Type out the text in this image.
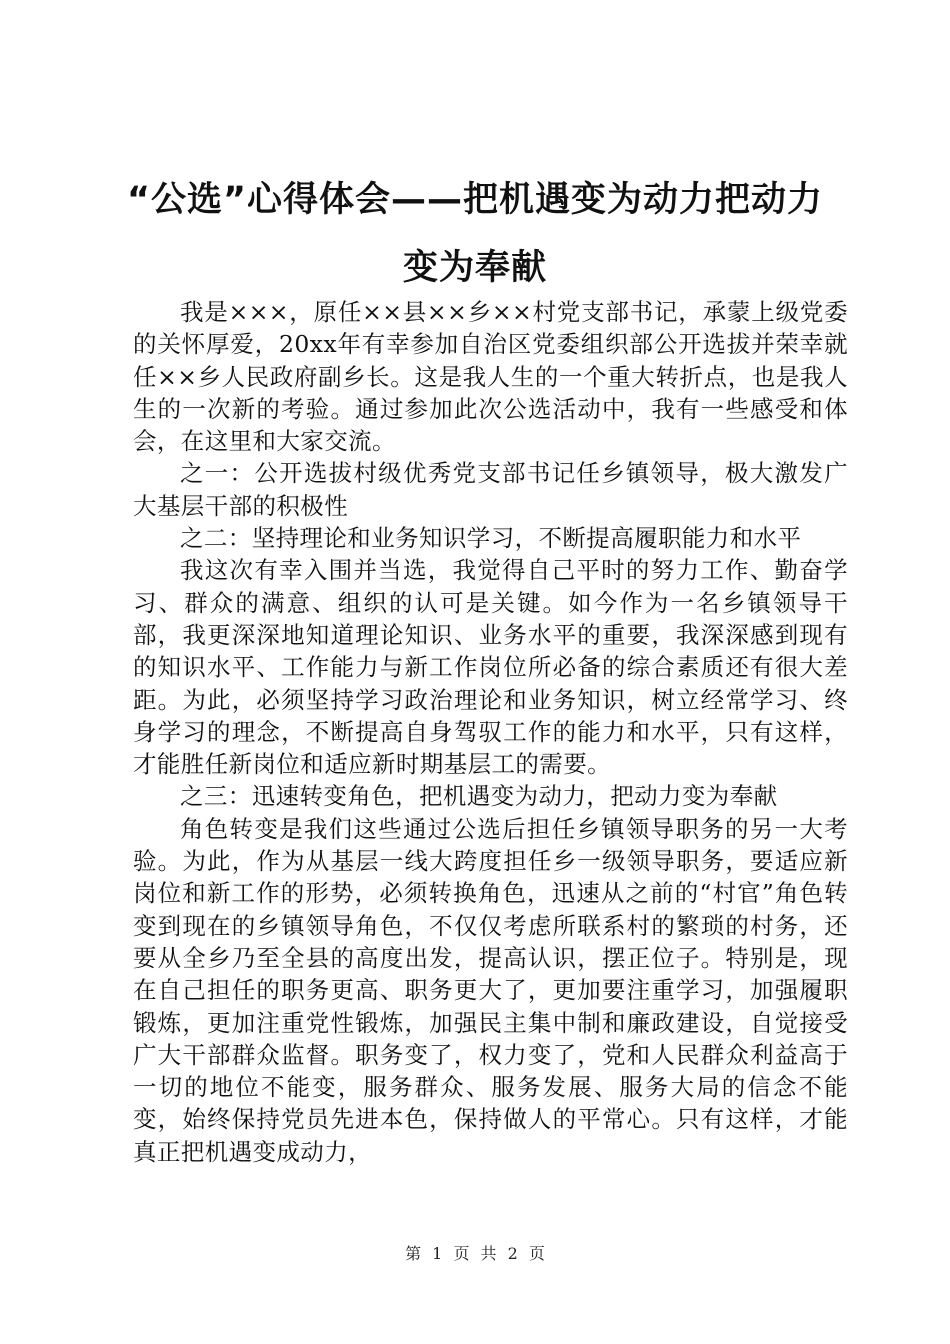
“公选”心得体会——把机遇变为动力把动力变为奉献

我是×××，原任××县××乡××村党支部书记，承蒙上级党委的关怀厚爱，20xx年有幸参加自治区党委组织部公开选拔并荣幸就任××乡人民政府副乡长。这是我人生的一个重大转折点，也是我人生的一次新的考验。通过参加此次公选活动中，我有一些感受和体会，在这里和大家交流。

之一：公开选拔村级优秀党支部书记任乡镇领导，极大激发广大基层干部的积极性

之二：坚持理论和业务知识学习，不断提高履职能力和水平

我这次有幸入围并当选，我觉得自己平时的努力工作、勤奋学习、群众的满意、组织的认可是关键。如今作为一名乡镇领导干部，我更深深地知道理论知识、业务水平的重要，我深深感到现有的知识水平、工作能力与新工作岗位所必备的综合素质还有很大差距。为此，必须坚持学习政治理论和业务知识，树立经常学习、终身学习的理念，不断提高自身驾驭工作的能力和水平，只有这样，才能胜任新岗位和适应新时期基层工的需要。

之三：迅速转变角色，把机遇变为动力，把动力变为奉献

角色转变是我们这些通过公选后担任乡镇领导职务的另一大考验。为此，作为从基层一线大跨度担任乡一级领导职务，要适应新岗位和新工作的形势，必须转换角色，迅速从之前的“村官”角色转变到现在的乡镇领导角色，不仅仅考虑所联系村的繁琐的村务，还要从全乡乃至全县的高度出发，提高认识，摆正位子。特别是，现在自己担任的职务更高、职务更大了，更加要注重学习，加强履职锻炼，更加注重党性锻炼，加强民主集中制和廉政建设，自觉接受广大干部群众监督。职务变了，权力变了，党和人民群众利益高于一切的地位不能变，服务群众、服务发展、服务大局的信念不能变，始终保持党员先进本色，保持做人的平常心。只有这样，才能真正把机遇变成动力，

第 1 页 共 2 页
